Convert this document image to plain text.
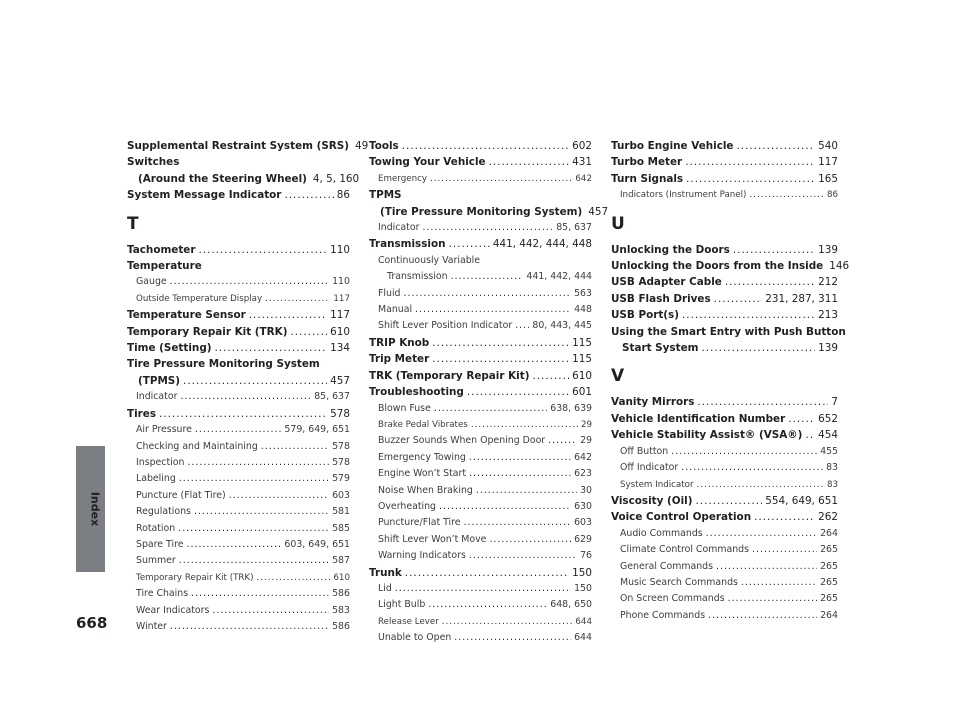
Index
668
Supplemental Restraint System (SRS) 49
Switches
(Around the Steering Wheel) 4, 5, 160
System Message Indicator .....	86
T
Tachometer .....	110
Temperature
Gauge .....	110
Outside Temperature Display .....	117
Temperature Sensor .....	117
Temporary Repair Kit (TRK) .....	610
Time (Setting) .....	134
Tire Pressure Monitoring System
(TPMS) .....	457
Indicator .....	85, 637
Tires .....	578
Air Pressure .....	579, 649, 651
Checking and Maintaining .....	578
Inspection .....	578
Labeling .....	579
Puncture (Flat Tire) .....	603
Regulations .....	581
Rotation .....	585
Spare Tire .....	603, 649, 651
Summer .....	587
Temporary Repair Kit (TRK) .....	610
Tire Chains .....	586
Wear Indicators .....	583
Winter .....	586
Tools .....	602
Towing Your Vehicle .....	431
Emergency .....	642
TPMS
(Tire Pressure Monitoring System) 457
Indicator .....	85, 637
Transmission .....	441, 442, 444, 448
Continuously Variable
Transmission .....	441, 442, 444
Fluid .....	563
Manual .....	448
Shift Lever Position Indicator ..... 80, 443, 445
TRIP Knob .....	115
Trip Meter .....	115
TRK (Temporary Repair Kit) .....	610
Troubleshooting .....	601
Blown Fuse .....	638, 639
Brake Pedal Vibrates .....	29
Buzzer Sounds When Opening Door .....	29
Emergency Towing .....	642
Engine Won’t Start .....	623
Noise When Braking .....	30
Overheating .....	630
Puncture/Flat Tire .....	603
Shift Lever Won’t Move .....	629
Warning Indicators .....	76
Trunk .....	150
Lid .....	150
Light Bulb .....	648, 650
Release Lever .....	644
Unable to Open .....	644
Turbo Engine Vehicle .....	540
Turbo Meter .....	117
Turn Signals .....	165
Indicators (Instrument Panel) .....	86
U
Unlocking the Doors .....	139
Unlocking the Doors from the Inside 146
USB Adapter Cable .....	212
USB Flash Drives .....	231, 287, 311
USB Port(s) .....	213
Using the Smart Entry with Push Button
Start System .....	139
V
Vanity Mirrors .....	7
Vehicle Identification Number .....	652
Vehicle Stability Assist® (VSA®) ..... 454
Off Button .....	455
Off Indicator .....	83
System Indicator .....	83
Viscosity (Oil) .....	554, 649, 651
Voice Control Operation .....	262
Audio Commands .....	264
Climate Control Commands .....	265
General Commands .....	265
Music Search Commands .....	265
On Screen Commands .....	265
Phone Commands .....	264
